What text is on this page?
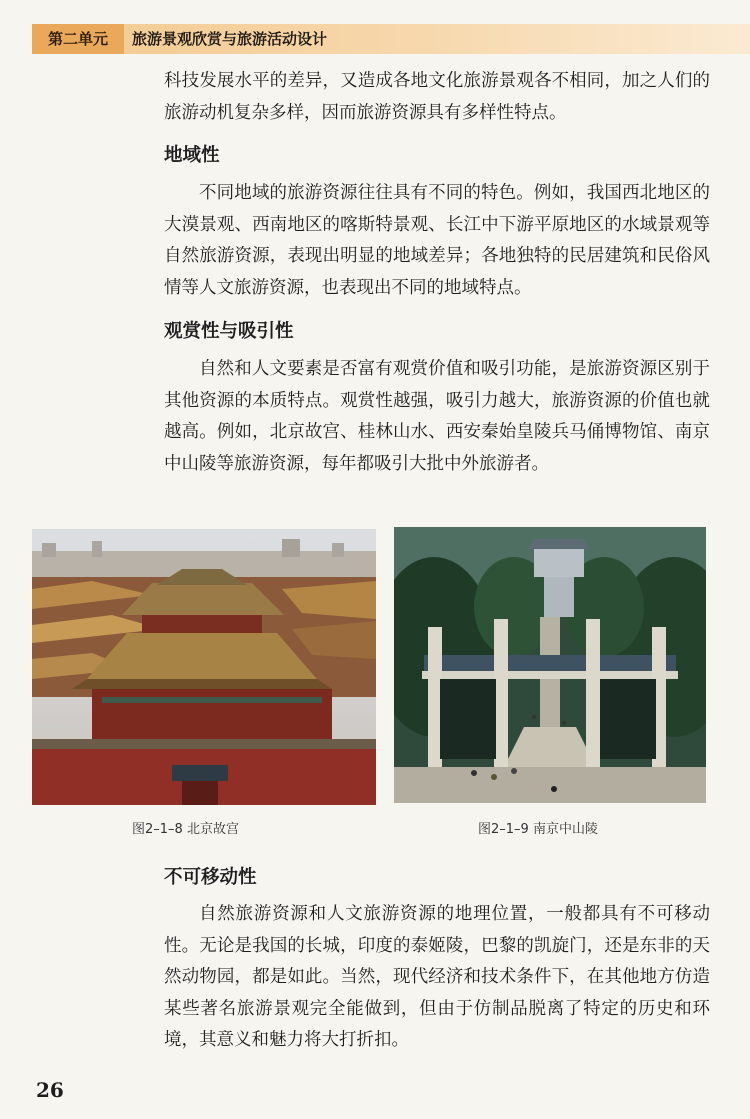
第二单元	旅游景观欣赏与旅游活动设计

科技发展水平的差异，又造成各地文化旅游景观各不相同，加之人们的旅游动机复杂多样，因而旅游资源具有多样性特点。

地域性

不同地域的旅游资源往往具有不同的特色。例如，我国西北地区的大漠景观、西南地区的喀斯特景观、长江中下游平原地区的水域景观等自然旅游资源，表现出明显的地域差异；各地独特的民居建筑和民俗风情等人文旅游资源，也表现出不同的地域特点。

观赏性与吸引性

自然和人文要素是否富有观赏价值和吸引功能，是旅游资源区别于其他资源的本质特点。观赏性越强，吸引力越大，旅游资源的价值也就越高。例如，北京故宫、桂林山水、西安秦始皇陵兵马俑博物馆、南京中山陵等旅游资源，每年都吸引大批中外旅游者。

图2–1–8 北京故宫	图2–1–9 南京中山陵
不可移动性

自然旅游资源和人文旅游资源的地理位置，一般都具有不可移动性。无论是我国的长城，印度的泰姬陵，巴黎的凯旋门，还是东非的天然动物园，都是如此。当然，现代经济和技术条件下，在其他地方仿造某些著名旅游景观完全能做到，但由于仿制品脱离了特定的历史和环境，其意义和魅力将大打折扣。

26
